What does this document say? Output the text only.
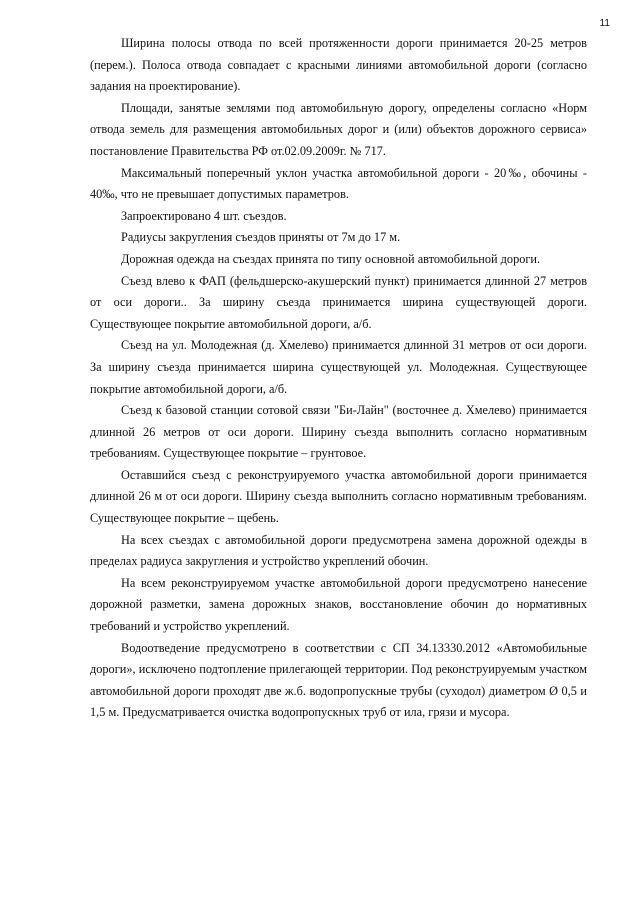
11

Ширина полосы отвода по всей протяженности дороги принимается 20-25 метров (перем.). Полоса отвода совпадает с красными линиями автомобильной дороги (согласно задания на проектирование).

Площади, занятые землями под автомобильную дорогу, определены согласно «Норм отвода земель для размещения автомобильных дорог и (или) объектов дорожного сервиса» постановление Правительства РФ от.02.09.2009г. № 717.

Максимальный поперечный уклон участка автомобильной дороги - 20‰, обочины - 40‰, что не превышает допустимых параметров.

Запроектировано 4 шт. съездов.

Радиусы закругления съездов приняты от 7м до 17 м.

Дорожная одежда на съездах принята по типу основной автомобильной дороги.

Съезд влево к ФАП (фельдшерско-акушерский пункт) принимается длинной 27 метров от оси дороги.. За ширину съезда принимается ширина существующей дороги. Существующее покрытие автомобильной дороги, а/б.

Съезд на ул. Молодежная (д. Хмелево) принимается длинной 31 метров от оси дороги. За ширину съезда принимается ширина существующей ул. Молодежная. Существующее покрытие автомобильной дороги, а/б.

Съезд к базовой станции сотовой связи "Би-Лайн" (восточнее д. Хмелево) принимается длинной 26 метров от оси дороги. Ширину съезда выполнить согласно нормативным требованиям. Существующее покрытие – грунтовое.

Оставшийся съезд с реконструируемого участка автомобильной дороги принимается длинной 26 м от оси дороги. Ширину съезда выполнить согласно нормативным требованиям. Существующее покрытие – щебень.

На всех съездах с автомобильной дороги предусмотрена замена дорожной одежды в пределах радиуса закругления и устройство укреплений обочин.

На всем реконструируемом участке автомобильной дороги предусмотрено нанесение дорожной разметки, замена дорожных знаков, восстановление обочин до нормативных требований и устройство укреплений.

Водоотведение предусмотрено в соответствии с СП 34.13330.2012 «Автомобильные дороги», исключено подтопление прилегающей территории. Под реконструируемым участком автомобильной дороги проходят две ж.б. водопропускные трубы (суходол) диаметром Ø 0,5 и 1,5 м. Предусматривается очистка водопропускных труб от ила, грязи и мусора.
